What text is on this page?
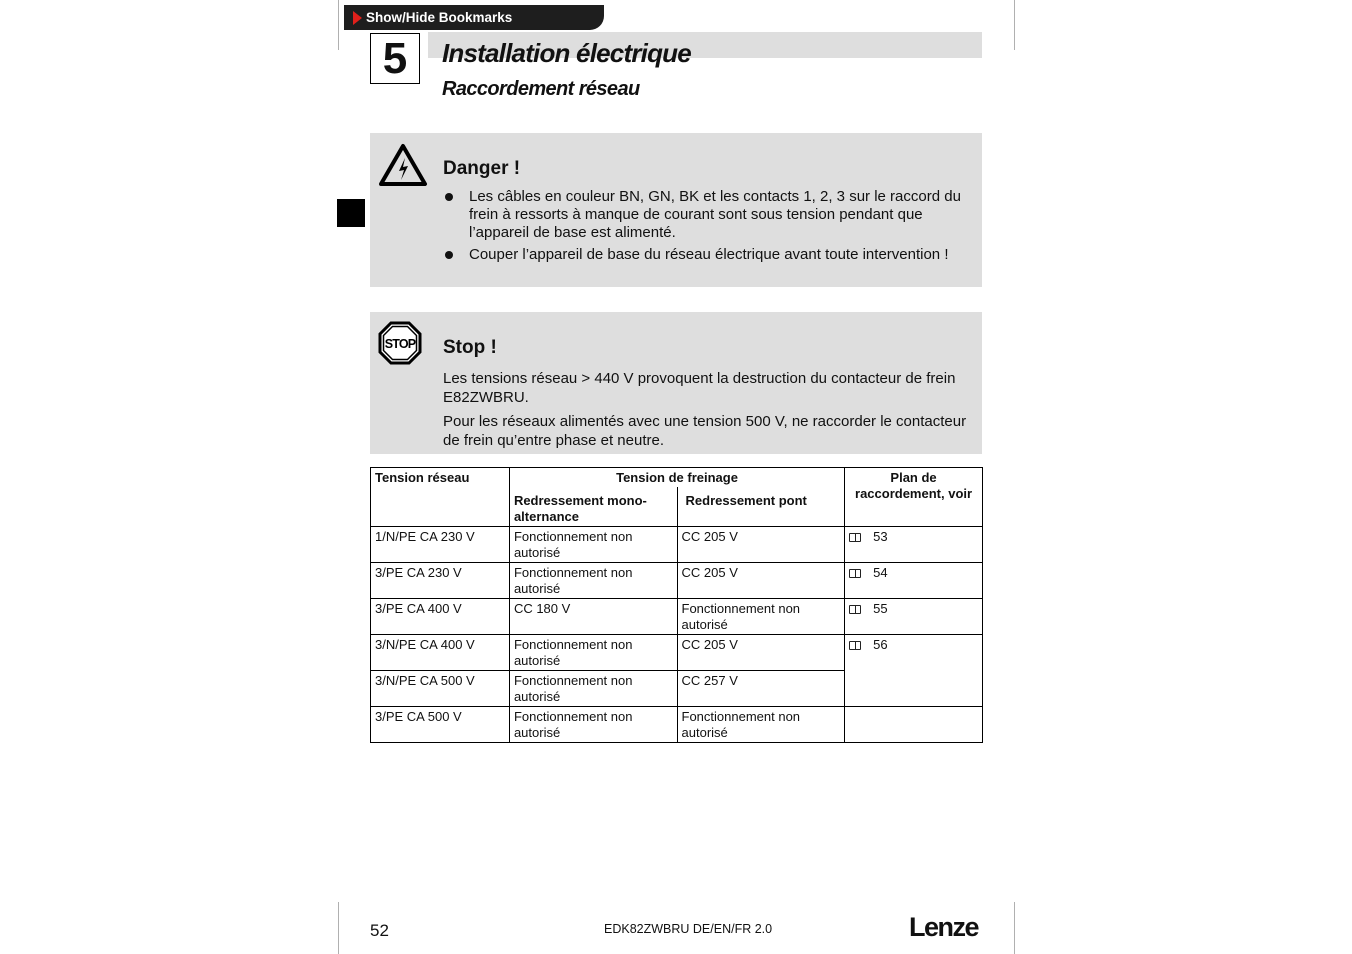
Show/Hide Bookmarks
5	Installation électrique
Raccordement réseau
Danger !
Les câbles en couleur BN, GN, BK et les contacts 1, 2, 3 sur le raccord du frein à ressorts à manque de courant sont sous tension pendant que l’appareil de base est alimenté.
Couper l’appareil de base du réseau électrique avant toute intervention !
STOP Stop !

Les tensions réseau > 440 V provoquent la destruction du contacteur de frein E82ZWBRU.

Pour les réseaux alimentés avec une tension 500 V, ne raccorder le contacteur de frein qu’entre phase et neutre.

Tension réseau	Tension de freinage		Plan de raccordement, voir
	Redressement mono-alternance	Redressement pont	
1/N/PE CA 230 V	Fonctionnement non autorisé	CC 205 V	53
3/PE CA 230 V	Fonctionnement non autorisé	CC 205 V	54
3/PE CA 400 V	CC 180 V	Fonctionnement non autorisé	55
3/N/PE CA 400 V	Fonctionnement non autorisé	CC 205 V	56
3/N/PE CA 500 V	Fonctionnement non autorisé	CC 257 V	
3/PE CA 500 V	Fonctionnement non autorisé	Fonctionnement non autorisé	
52	EDK82ZWBRU DE/EN/FR 2.0	Lenze
